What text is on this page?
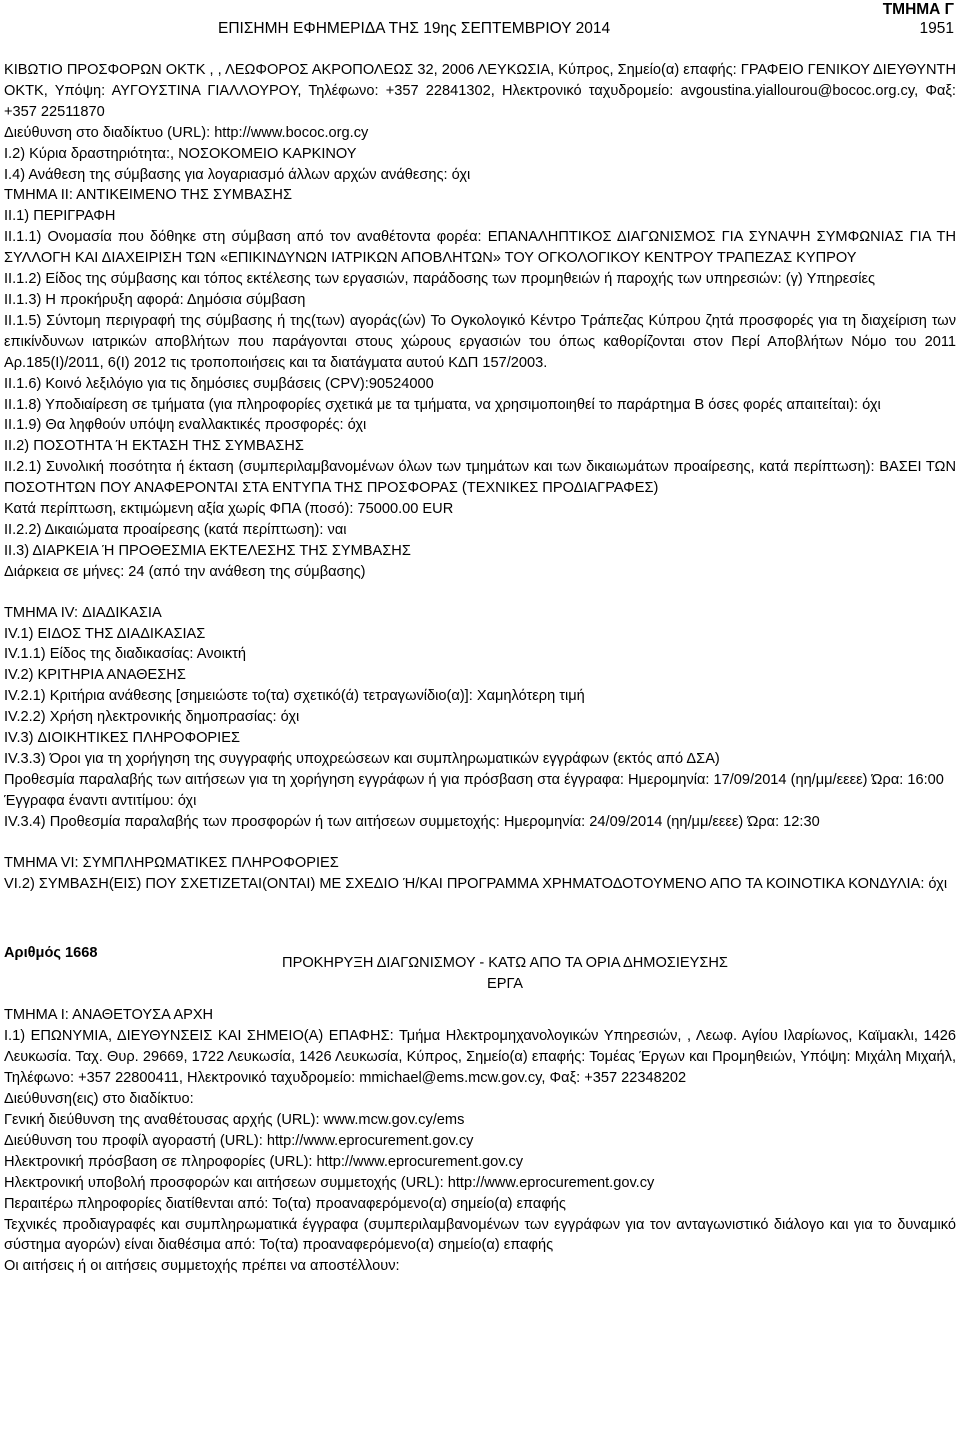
ΤΜΗΜΑ Γ
ΕΠΙΣΗΜΗ ΕΦΗΜΕΡΙΔΑ ΤΗΣ 19ης ΣΕΠΤΕΜΒΡΙΟΥ 2014	1951

ΚΙΒΩΤΙΟ ΠΡΟΣΦΟΡΩΝ ΟΚΤΚ , , ΛΕΩΦΟΡΟΣ ΑΚΡΟΠΟΛΕΩΣ 32, 2006 ΛΕΥΚΩΣΙΑ, Κύπρος, Σημείο(α) επαφής: ΓΡΑΦΕΙΟ ΓΕΝΙΚΟΥ ΔΙΕΥΘΥΝΤΗ ΟΚΤΚ, Υπόψη: ΑΥΓΟΥΣΤΙΝΑ ΓΙΑΛΛΟΥΡΟΥ, Τηλέφωνο: +357 22841302, Ηλεκτρονικό ταχυδρομείο: avgoustina.yiallourou@bococ.org.cy, Φαξ: +357 22511870

Διεύθυνση στο διαδίκτυο (URL): http://www.bococ.org.cy

Ι.2) Κύρια δραστηριότητα:, ΝΟΣΟΚΟΜΕΙΟ ΚΑΡΚΙΝΟΥ

Ι.4) Ανάθεση της σύμβασης για λογαριασμό άλλων αρχών ανάθεσης: όχι

ΤΜΗΜΑ ΙΙ: ΑΝΤΙΚΕΙΜΕΝΟ ΤΗΣ ΣΥΜΒΑΣΗΣ

ΙΙ.1) ΠΕΡΙΓΡΑΦΗ

ΙΙ.1.1) Ονομασία που δόθηκε στη σύμβαση από τον αναθέτοντα φορέα: ΕΠΑΝΑΛΗΠΤΙΚΟΣ ΔΙΑΓΩΝΙΣΜΟΣ ΓΙΑ ΣΥΝΑΨΗ ΣΥΜΦΩΝΙΑΣ ΓΙΑ ΤΗ ΣΥΛΛΟΓΗ ΚΑΙ ΔΙΑΧΕΙΡΙΣΗ ΤΩΝ «ΕΠΙΚΙΝΔΥΝΩΝ ΙΑΤΡΙΚΩΝ ΑΠΟΒΛΗΤΩΝ» ΤΟΥ ΟΓΚΟΛΟΓΙΚΟΥ ΚΕΝΤΡΟΥ ΤΡΑΠΕΖΑΣ ΚΥΠΡΟΥ

ΙΙ.1.2) Είδος της σύμβασης και τόπος εκτέλεσης των εργασιών, παράδοσης των προμηθειών ή παροχής των υπηρεσιών: (γ) Υπηρεσίες

ΙΙ.1.3) Η προκήρυξη αφορά: Δημόσια σύμβαση

ΙΙ.1.5) Σύντομη περιγραφή της σύμβασης ή της(των) αγοράς(ών) Το Ογκολογικό Κέντρο Τράπεζας Κύπρου ζητά προσφορές για τη διαχείριση των επικίνδυνων ιατρικών αποβλήτων που παράγονται στους χώρους εργασιών του όπως καθορίζονται στον Περί Αποβλήτων Νόμο του 2011 Αρ.185(Ι)/2011, 6(Ι) 2012 τις τροποποιήσεις και τα διατάγματα αυτού ΚΔΠ 157/2003.

ΙΙ.1.6) Κοινό λεξιλόγιο για τις δημόσιες συμβάσεις (CPV):90524000

ΙΙ.1.8) Υποδιαίρεση σε τμήματα (για πληροφορίες σχετικά με τα τμήματα, να χρησιμοποιηθεί το παράρτημα Β όσες φορές απαιτείται): όχι

ΙΙ.1.9) Θα ληφθούν υπόψη εναλλακτικές προσφορές: όχι

ΙΙ.2) ΠΟΣΟΤΗΤΑ Ή ΕΚΤΑΣΗ ΤΗΣ ΣΥΜΒΑΣΗΣ

ΙΙ.2.1) Συνολική ποσότητα ή έκταση (συμπεριλαμβανομένων όλων των τμημάτων και των δικαιωμάτων προαίρεσης, κατά περίπτωση): ΒΑΣΕΙ ΤΩΝ ΠΟΣΟΤΗΤΩΝ ΠΟΥ ΑΝΑΦΕΡΟΝΤΑΙ ΣΤΑ ΕΝΤΥΠΑ ΤΗΣ ΠΡΟΣΦΟΡΑΣ (ΤΕΧΝΙΚΕΣ ΠΡΟΔΙΑΓΡΑΦΕΣ)

Κατά περίπτωση, εκτιμώμενη αξία χωρίς ΦΠΑ (ποσό): 75000.00 EUR

ΙΙ.2.2) Δικαιώματα προαίρεσης (κατά περίπτωση): ναι

ΙΙ.3) ΔΙΑΡΚΕΙΑ Ή ΠΡΟΘΕΣΜΙΑ ΕΚΤΕΛΕΣΗΣ ΤΗΣ ΣΥΜΒΑΣΗΣ

Διάρκεια σε μήνες: 24 (από την ανάθεση της σύμβασης)

ΤΜΗΜΑ IV: ΔΙΑΔΙΚΑΣΙΑ

IV.1) ΕΙΔΟΣ ΤΗΣ ΔΙΑΔΙΚΑΣΙΑΣ

IV.1.1) Είδος της διαδικασίας: Ανοικτή

IV.2) ΚΡΙΤΗΡΙΑ ΑΝΑΘΕΣΗΣ

IV.2.1) Κριτήρια ανάθεσης [σημειώστε το(τα) σχετικό(ά) τετραγωνίδιο(α)]: Χαμηλότερη τιμή

IV.2.2) Χρήση ηλεκτρονικής δημοπρασίας: όχι

IV.3) ΔΙΟΙΚΗΤΙΚΕΣ ΠΛΗΡΟΦΟΡΙΕΣ

IV.3.3) Όροι για τη χορήγηση της συγγραφής υποχρεώσεων και συμπληρωματικών εγγράφων (εκτός από ΔΣΑ)

Προθεσμία παραλαβής των αιτήσεων για τη χορήγηση εγγράφων ή για πρόσβαση στα έγγραφα: Ημερομηνία: 17/09/2014 (ηη/μμ/εεεε) Ώρα: 16:00

Έγγραφα έναντι αντιτίμου: όχι

IV.3.4) Προθεσμία παραλαβής των προσφορών ή των αιτήσεων συμμετοχής: Ημερομηνία: 24/09/2014 (ηη/μμ/εεεε) Ώρα: 12:30

ΤΜΗΜΑ VI: ΣΥΜΠΛΗΡΩΜΑΤΙΚΕΣ ΠΛΗΡΟΦΟΡΙΕΣ

VI.2) ΣΥΜΒΑΣΗ(ΕΙΣ) ΠΟΥ ΣΧΕΤΙΖΕΤΑΙ(ΟΝΤΑΙ) ΜΕ ΣΧΕΔΙΟ Ή/ΚΑΙ ΠΡΟΓΡΑΜΜΑ ΧΡΗΜΑΤΟΔΟΤΟΥΜΕΝΟ ΑΠΟ ΤΑ ΚΟΙΝΟΤΙΚΑ ΚΟΝΔΥΛΙΑ: όχι

Αριθμός 1668
ΠΡΟΚΗΡΥΞΗ ΔΙΑΓΩΝΙΣΜΟΥ - ΚΑΤΩ ΑΠΟ ΤΑ ΟΡΙΑ ΔΗΜΟΣΙΕΥΣΗΣ
ΕΡΓΑ

ΤΜΗΜΑ Ι: ΑΝΑΘΕΤΟΥΣΑ ΑΡΧΗ

Ι.1) ΕΠΩΝΥΜΙΑ, ΔΙΕΥΘΥΝΣΕΙΣ ΚΑΙ ΣΗΜΕΙΟ(Α) ΕΠΑΦΗΣ: Τμήμα Ηλεκτρομηχανολογικών Υπηρεσιών, , Λεωφ. Αγίου Ιλαρίωνος, Καϊμακλι, 1426 Λευκωσία. Ταχ. Θυρ. 29669, 1722 Λευκωσία, 1426 Λευκωσία, Κύπρος, Σημείο(α) επαφής: Τομέας Έργων και Προμηθειών, Υπόψη: Μιχάλη Μιχαήλ, Τηλέφωνο: +357 22800411, Ηλεκτρονικό ταχυδρομείο: mmichael@ems.mcw.gov.cy, Φαξ: +357 22348202

Διεύθυνση(εις) στο διαδίκτυο:

Γενική διεύθυνση της αναθέτουσας αρχής (URL): www.mcw.gov.cy/ems

Διεύθυνση του προφίλ αγοραστή (URL): http://www.eprocurement.gov.cy

Ηλεκτρονική πρόσβαση σε πληροφορίες (URL): http://www.eprocurement.gov.cy

Ηλεκτρονική υποβολή προσφορών και αιτήσεων συμμετοχής (URL): http://www.eprocurement.gov.cy

Περαιτέρω πληροφορίες διατίθενται από: Το(τα) προαναφερόμενο(α) σημείο(α) επαφής

Τεχνικές προδιαγραφές και συμπληρωματικά έγγραφα (συμπεριλαμβανομένων των εγγράφων για τον ανταγωνιστικό διάλογο και για το δυναμικό σύστημα αγορών) είναι διαθέσιμα από: Το(τα) προαναφερόμενο(α) σημείο(α) επαφής

Οι αιτήσεις ή οι αιτήσεις συμμετοχής πρέπει να αποστέλλουν:
